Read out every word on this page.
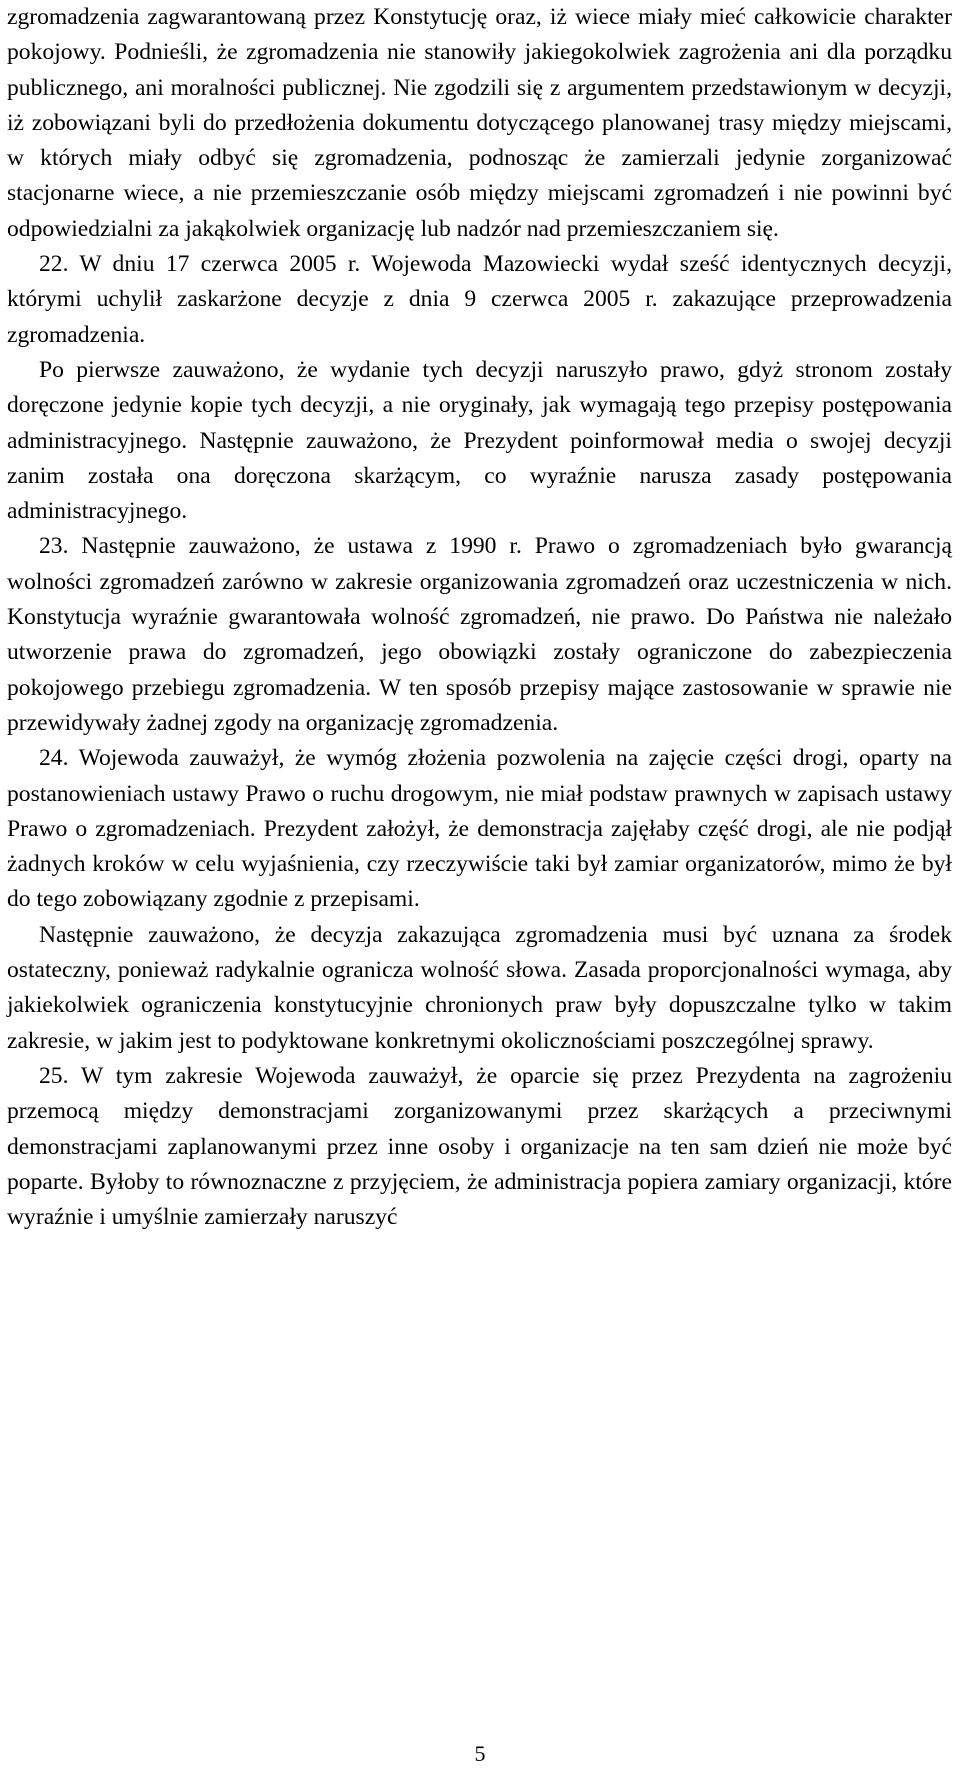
zgromadzenia zagwarantowaną przez Konstytucję oraz, iż wiece miały mieć całkowicie charakter pokojowy. Podnieśli, że zgromadzenia nie stanowiły jakiegokolwiek zagrożenia ani dla porządku publicznego, ani moralności publicznej. Nie zgodzili się z argumentem przedstawionym w decyzji, iż zobowiązani byli do przedłożenia dokumentu dotyczącego planowanej trasy między miejscami, w których miały odbyć się zgromadzenia, podnosząc że zamierzali jedynie zorganizować stacjonarne wiece, a nie przemieszczanie osób między miejscami zgromadzeń i nie powinni być odpowiedzialni za jakąkolwiek organizację lub nadzór nad przemieszczaniem się.

22. W dniu 17 czerwca 2005 r. Wojewoda Mazowiecki wydał sześć identycznych decyzji, którymi uchylił zaskarżone decyzje z dnia 9 czerwca 2005 r. zakazujące przeprowadzenia zgromadzenia.

Po pierwsze zauważono, że wydanie tych decyzji naruszyło prawo, gdyż stronom zostały doręczone jedynie kopie tych decyzji, a nie oryginały, jak wymagają tego przepisy postępowania administracyjnego. Następnie zauważono, że Prezydent poinformował media o swojej decyzji zanim została ona doręczona skarżącym, co wyraźnie narusza zasady postępowania administracyjnego.

23. Następnie zauważono, że ustawa z 1990 r. Prawo o zgromadzeniach było gwarancją wolności zgromadzeń zarówno w zakresie organizowania zgromadzeń oraz uczestniczenia w nich. Konstytucja wyraźnie gwarantowała wolność zgromadzeń, nie prawo. Do Państwa nie należało utworzenie prawa do zgromadzeń, jego obowiązki zostały ograniczone do zabezpieczenia pokojowego przebiegu zgromadzenia. W ten sposób przepisy mające zastosowanie w sprawie nie przewidywały żadnej zgody na organizację zgromadzenia.

24. Wojewoda zauważył, że wymóg złożenia pozwolenia na zajęcie części drogi, oparty na postanowieniach ustawy Prawo o ruchu drogowym, nie miał podstaw prawnych w zapisach ustawy Prawo o zgromadzeniach. Prezydent założył, że demonstracja zajęłaby część drogi, ale nie podjął żadnych kroków w celu wyjaśnienia, czy rzeczywiście taki był zamiar organizatorów, mimo że był do tego zobowiązany zgodnie z przepisami.

Następnie zauważono, że decyzja zakazująca zgromadzenia musi być uznana za środek ostateczny, ponieważ radykalnie ogranicza wolność słowa. Zasada proporcjonalności wymaga, aby jakiekolwiek ograniczenia konstytucyjnie chronionych praw były dopuszczalne tylko w takim zakresie, w jakim jest to podyktowane konkretnymi okolicznościami poszczególnej sprawy.

25. W tym zakresie Wojewoda zauważył, że oparcie się przez Prezydenta na zagrożeniu przemocą między demonstracjami zorganizowanymi przez skarżących a przeciwnymi demonstracjami zaplanowanymi przez inne osoby i organizacje na ten sam dzień nie może być poparte. Byłoby to równoznaczne z przyjęciem, że administracja popiera zamiary organizacji, które wyraźnie i umyślnie zamierzały naruszyć

5
